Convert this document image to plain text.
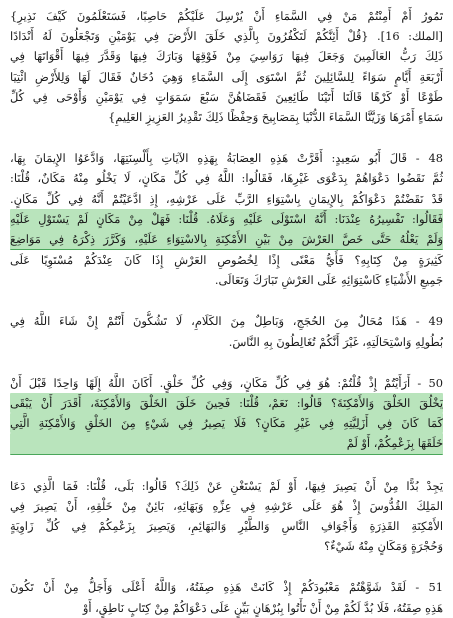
تَمُورُ أَمْ أَمِنْتُمْ مَنْ فِي السَّمَاءِ أَنْ يُرْسِلَ عَلَيْكُمْ حَاصِبًا، فَسَتَعْلَمُونَ كَيْفَ نَذِيرِ}
[الملك: 16]. {قُلْ أَئِنَّكُمْ لَتَكْفُرُونَ بِالَّذِي خَلَقَ الأَرْضَ فِي يَوْمَيْنِ وَتَجْعَلُونَ لَهُ أَنْدَادًا
ذَلِكَ رَبُّ العَالَمِينَ وَجَعَلَ فِيهَا رَوَاسِيَ مِنْ فَوْقِهَا وَبَارَكَ فِيهَا وَقَدَّرَ فِيهَا أَقْوَاتَهَا فِي
أَرْبَعَةِ أَيَّامٍ سَوَاءً لِلسَّائِلِينَ ثُمَّ اسْتَوَى إِلَى السَّمَاءِ وَهِيَ دُخَانٌ فَقَالَ لَهَا وَلِلأَرْضِ ائْتِيَا
طَوْعًا أَوْ كَرْهًا قَالَتَا أَتَيْنَا طَائِعِينَ فَقَضَاهُنَّ سَبْعَ سَمَوَاتٍ فِي يَوْمَيْنِ وَأَوْحَى فِي كُلِّ
سَمَاءٍ أَمْرَهَا وَزَيَّنَّا السَّمَاءَ الدُّنْيَا بِمَصَابِيحَ وَحِفْظًا ذَلِكَ تَقْدِيرُ العَزِيزِ العَلِيمِ}
48 - قَالَ أَبُو سَعِيدٍ: أَقَرَّتْ هَذِهِ العِصَابَةُ بِهَذِهِ الآيَاتِ بِأَلْسِنَتِهَا، وَادَّعَوُا الإِيمَانَ بِهَا،
ثُمَّ نَقَضُوا دَعْوَاهُمْ بِدَعْوَى غَيْرِهَا، فَقَالُوا: اللَّهُ فِي كُلِّ مَكَانٍ، لَا يَخْلُو مِنْهُ مَكَانٌ، قُلْنَا:
قَدْ نَقَضْتُمْ دَعْوَاكُمْ بِالإِيمَانِ بِاسْتِوَاءِ الرَّبِّ عَلَى عَرْشِهِ، إِذِ ادَّعَيْتُمْ أَنَّهُ فِي كُلِّ مَكَانٍ.
فَقَالُوا: تَفْسِيرُهُ عِنْدَنَا: أَنَّهُ اسْتَوْلَى عَلَيْهِ وَعَلَاهُ. قُلْنَا: فَهَلْ مِنْ مَكَانٍ لَمْ يَسْتَوْلِ عَلَيْهِ
وَلَمْ يَعْلُهُ حَتَّى خَصَّ العَرْشَ مِنْ بَيْنِ الأَمْكِنَةِ بِالاسْتِوَاءِ عَلَيْهِ، وَكَرَّرَ ذِكْرَهُ فِي مَوَاضِعَ
كَثِيرَةٍ مِنْ كِتَابِهِ؟ فَأَيُّ مَعْنًى إِذًا لِخُصُوصِ العَرْشِ إِذَا كَانَ عِنْدَكُمْ مُسْتَوِيًا عَلَى
جَمِيعِ الأَشْيَاءِ كَاسْتِوَائِهِ عَلَى العَرْشِ تَبَارَكَ وَتَعَالَى.
49 - هَذَا مُحَالٌ مِنَ الحُجَجِ، وَبَاطِلٌ مِنَ الكَلَامِ، لَا تَشُكُّونَ أَنْتُمْ إِنْ شَاءَ اللَّهُ فِي
بُطُولِهِ وَاسْتِحَالَتِهِ، غَيْرَ أَنَّكُمْ تُغَالِطُونَ بِهِ النَّاسَ.
50 - أَرَأَيْتُمْ إِذْ قُلْتُمْ: هُوَ فِي كُلِّ مَكَانٍ، وَفِي كُلِّ خَلْقٍ. أَكَانَ اللَّهُ إِلَهًا وَاحِدًا قَبْلَ أَنْ
يَخْلُقَ الخَلْقَ وَالأَمْكِنَةَ؟ قَالُوا: نَعَمْ، قُلْنَا: فَحِينَ خَلَقَ الخَلْقَ وَالأَمْكِنَةَ، أَقَدَرَ أَنْ يَبْقَى
كَمَا كَانَ فِي أَزَلِيَّتِهِ فِي غَيْرِ مَكَانٍ؟ فَلَا يَصِيرُ فِي شَيْءٍ مِنَ الخَلْقِ وَالأَمْكِنَةِ الَّتِي
خَلَقَهَا بِزَعْمِكُمْ، أَوْ لَمْ
يَجِدْ بُدًّا مِنْ أَنْ يَصِيرَ فِيهَا، أَوْ لَمْ يَسْتَغْنِ عَنْ ذَلِكَ؟ قَالُوا: بَلَى، قُلْنَا: فَمَا الَّذِي دَعَا
المَلِكَ القُدُّوسَ إِذْ هُوَ عَلَى عَرْشِهِ فِي عِزِّهِ وَبَهَائِهِ، بَائِنٌ مِنْ خَلْقِهِ، أَنْ يَصِيرَ فِي
الأَمْكِنَةِ القَذِرَةِ وَأَجْوَافِ النَّاسِ وَالطَّيْرِ وَالبَهَائِمِ، وَيَصِيرَ بِزَعْمِكُمْ فِي كُلِّ زَاوِيَةٍ
وَحُجْرَةٍ وَمَكَانٍ مِنْهُ شَيْءٌ؟
51 - لَقَدْ شَوَّهْتُمْ مَعْبُودَكُمْ إِذْ كَانَتْ هَذِهِ صِفَتُهُ، وَاللَّهُ أَعْلَى وَأَجَلُّ مِنْ أَنْ تَكُونَ
هَذِهِ صِفَتُهُ، فَلَا بُدَّ لَكُمْ مِنْ أَنْ تَأْتُوا بِبُرْهَانٍ بَيِّنٍ عَلَى دَعْوَاكُمْ مِنْ كِتَابٍ نَاطِقٍ، أَوْ
